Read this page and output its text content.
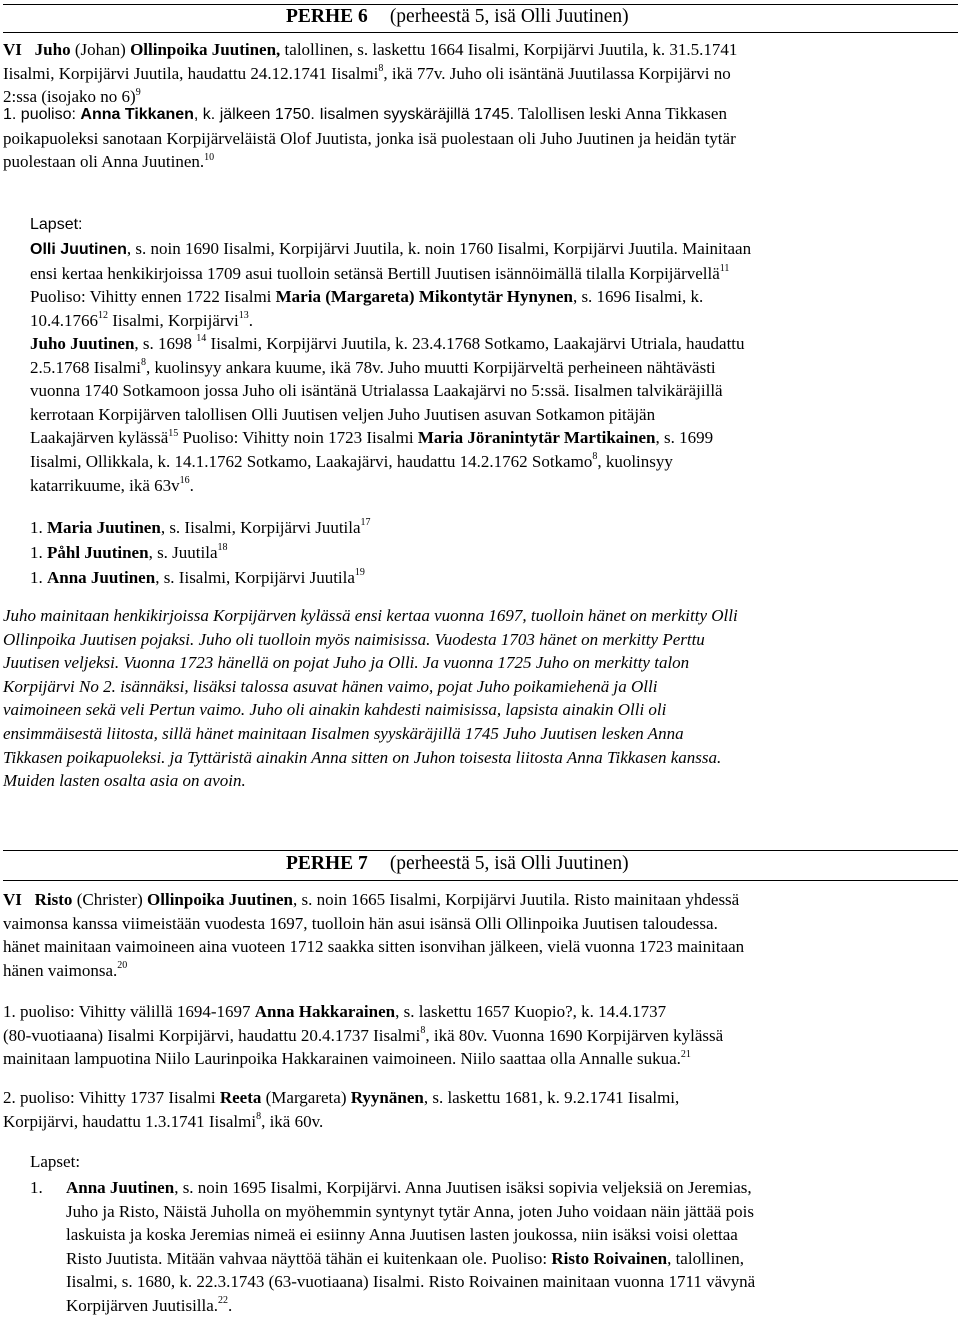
PERHE 6 (perheestä 5, isä Olli Juutinen)
VI Juho (Johan) Ollinpoika Juutinen, talollinen, s. laskettu 1664 Iisalmi, Korpijärvi Juutila, k. 31.5.1741
Iisalmi, Korpijärvi Juutila, haudattu 24.12.1741 Iisalmi$^8$, ikä 77v. Juho oli isäntänä Juutilassa Korpijärvi no
2:ssa (isojako no 6)$^9$
1. puoliso: Anna Tikkanen, k. jälkeen 1750. Iisalmen syyskäräjillä 1745. Talollisen leski Anna Tikkasen
poikapuoleksi sanotaan Korpijärveläistä Olof Juutista, jonka isä puolestaan oli Juho Juutinen ja heidän tytär
puolestaan oli Anna Juutinen.$^{10}$
Lapset:
Olli Juutinen, s. noin 1690 Iisalmi, Korpijärvi Juutila, k. noin 1760 Iisalmi, Korpijärvi Juutila. Mainitaan
ensi kertaa henkikirjoissa 1709 asui tuolloin setänsä Bertill Juutisen isännöimällä tilalla Korpijärvellä$^{11}$
Puoliso: Vihitty ennen 1722 Iisalmi Maria (Margareta) Mikontytär Hynynen, s. 1696 Iisalmi, k.
10.4.1766$^{12}$ Iisalmi, Korpijärvi$^{13}$.
Juho Juutinen, s. 1698 $^{14}$ Iisalmi, Korpijärvi Juutila, k. 23.4.1768 Sotkamo, Laakajärvi Utriala, haudattu
2.5.1768 Iisalmi$^8$, kuolinsyy ankara kuume, ikä 78v. Juho muutti Korpijärveltä perheineen nähtävästi
vuonna 1740 Sotkamoon jossa Juho oli isäntänä Utrialassa Laakajärvi no 5:ssä. Iisalmen talvikäräjillä
kerrotaan Korpijärven talollisen Olli Juutisen veljen Juho Juutisen asuvan Sotkamon pitäjän
Laakajärven kylässä$^{15}$ Puoliso: Vihitty noin 1723 Iisalmi Maria Jöranintytär Martikainen, s. 1699
Iisalmi, Ollikkala, k. 14.1.1762 Sotkamo, Laakajärvi, haudattu 14.2.1762 Sotkamo$^8$, kuolinsyy
katarrikuume, ikä $63v^{16}$.
1. Maria Juutinen, s. Iisalmi, Korpijärvi Juutila$^{17}$
1. Påhl Juutinen, s. Juutila$^{18}$
1. Anna Juutinen, s. Iisalmi, Korpijärvi Juutila$^{19}$
Juho mainitaan henkikirjoissa Korpijärven kylässä ensi kertaa vuonna 1697, tuolloin hänet on merkitty Olli
Ollinpoika Juutisen pojaksi. Juho oli tuolloin myös naimisissa. Vuodesta 1703 hänet on merkitty Perttu
Juutisen veljeksi. Vuonna 1723 hänellä on pojat Juho ja Olli. Ja vuonna 1725 Juho on merkitty talon
Korpijärvi No 2. isännäksi, lisäksi talossa asuvat hänen vaimo, pojat Juho poikamiehenä ja Olli
vaimoineen sekä veli Pertun vaimo. Juho oli ainakin kahdesti naimisissa, lapsista ainakin Olli oli
ensimmäisestä liitosta, sillä hänet mainitaan Iisalmen syyskäräjillä 1745 Juho Juutisen lesken Anna
Tikkasen poikapuoleksi. ja Tyttäristä ainakin Anna sitten on Juhon toisesta liitosta Anna Tikkasen kanssa.
Muiden lasten osalta asia on avoin.
PERHE 7 (perheestä 5, isä Olli Juutinen)
VI Risto (Christer) Ollinpoika Juutinen, s. noin 1665 Iisalmi, Korpijärvi Juutila. Risto mainitaan yhdessä
vaimonsa kanssa viimeistään vuodesta 1697, tuolloin hän asui isänsä Olli Ollinpoika Juutisen taloudessa.
hänet mainitaan vaimoineen aina vuoteen 1712 saakka sitten isonvihan jälkeen, vielä vuonna 1723 mainitaan
hänen vaimonsa.$^{20}$
1. puoliso: Vihitty välillä 1694-1697 Anna Hakkarainen, s. laskettu 1657 Kuopio?, k. 14.4.1737
(80-vuotiaana) Iisalmi Korpijärvi, haudattu 20.4.1737 Iisalmi$^8$, ikä 80v. Vuonna 1690 Korpijärven kylässä
mainitaan lampuotina Niilo Laurinpoika Hakkarainen vaimoineen. Niilo saattaa olla Annalle sukua.$^{21}$
2. puoliso: Vihitty 1737 Iisalmi Reeta (Margareta) Ryynänen, s. laskettu 1681, k. 9.2.1741 Iisalmi,
Korpijärvi, haudattu 1.3.1741 Iisalmi$^8$, ikä 60v.
Lapset:
1. Anna Juutinen, s. noin 1695 Iisalmi, Korpijärvi. Anna Juutisen isäksi sopivia veljeksiä on Jeremias,
Juho ja Risto, Näistä Juholla on myöhemmin syntynyt tytär Anna, joten Juho voidaan näin jättää pois
laskuista ja koska Jeremias nimeä ei esiinny Anna Juutisen lasten joukossa, niin isäksi voisi olettaa
Risto Juutista. Mitään vahvaa näyttöä tähän ei kuitenkaan ole. Puoliso: Risto Roivainen, talollinen,
Iisalmi, s. 1680, k. 22.3.1743 (63-vuotiaana) Iisalmi. Risto Roivainen mainitaan vuonna 1711 vävynä
Korpijärven Juutisilla.$^{22}$.
